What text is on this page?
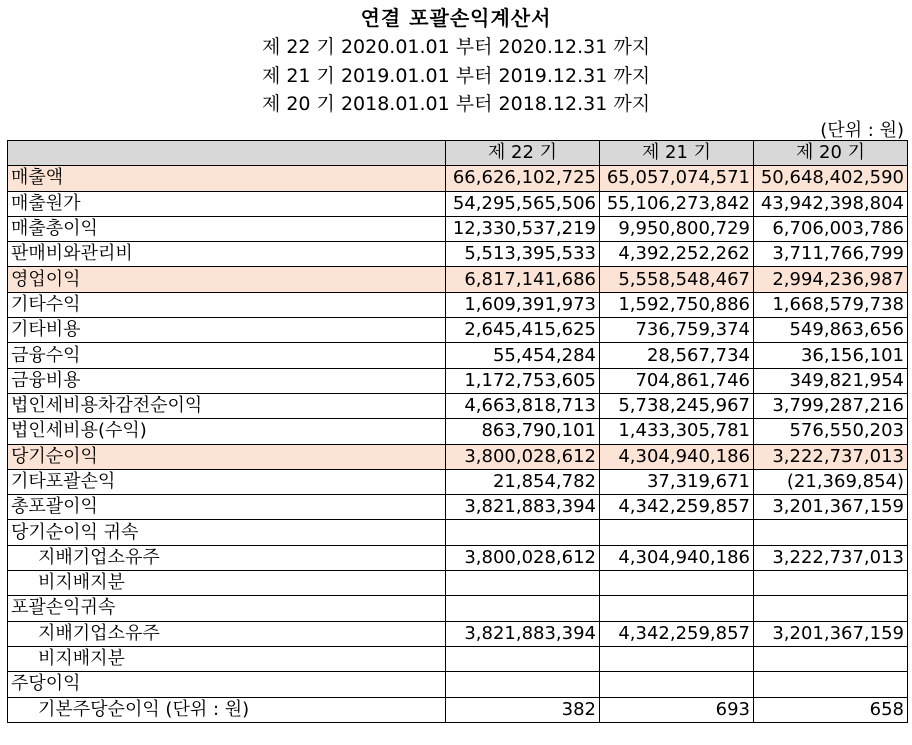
연결 포괄손익계산서
제 22 기 2020.01.01 부터 2020.12.31 까지
제 21 기 2019.01.01 부터 2019.12.31 까지
제 20 기 2018.01.01 부터 2018.12.31 까지
(단위 : 원)
	제 22 기	제 21 기	제 20 기
매출액	66,626,102,725	65,057,074,571	50,648,402,590
매출원가	54,295,565,506	55,106,273,842	43,942,398,804
매출총이익	12,330,537,219	9,950,800,729	6,706,003,786
판매비와관리비	5,513,395,533	4,392,252,262	3,711,766,799
영업이익	6,817,141,686	5,558,548,467	2,994,236,987
기타수익	1,609,391,973	1,592,750,886	1,668,579,738
기타비용	2,645,415,625	736,759,374	549,863,656
금융수익	55,454,284	28,567,734	36,156,101
금융비용	1,172,753,605	704,861,746	349,821,954
법인세비용차감전순이익	4,663,818,713	5,738,245,967	3,799,287,216
법인세비용(수익)	863,790,101	1,433,305,781	576,550,203
당기순이익	3,800,028,612	4,304,940,186	3,222,737,013
기타포괄손익	21,854,782	37,319,671	(21,369,854)
총포괄이익	3,821,883,394	4,342,259,857	3,201,367,159
당기순이익 귀속			
지배기업소유주	3,800,028,612	4,304,940,186	3,222,737,013
비지배지분			
포괄손익귀속			
지배기업소유주	3,821,883,394	4,342,259,857	3,201,367,159
비지배지분			
주당이익			
기본주당순이익 (단위 : 원)	382	693	658
